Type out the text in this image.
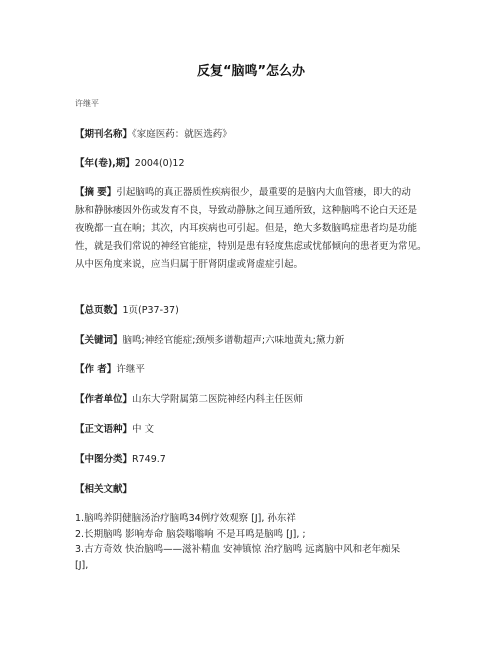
反复“脑鸣”怎么办
许继平
【期刊名称】《家庭医药：就医选药》
【年(卷),期】2004(0)12
【摘 要】引起脑鸣的真正器质性疾病很少，最重要的是脑内大血管瘘，即大的动
脉和静脉瘘因外伤或发育不良，导致动静脉之间互通所致，这种脑鸣不论白天还是
夜晚都一直在响；其次，内耳疾病也可引起。但是，绝大多数脑鸣症患者均是功能
性，就是我们常说的神经官能症，特别是患有轻度焦虑或忧郁倾向的患者更为常见。
从中医角度来说，应当归属于肝肾阴虚或肾虚症引起。
【总页数】1页(P37-37)
【关键词】脑鸣;神经官能症;颈颅多谱勒超声;六味地黄丸;黛力新
【作 者】许继平
【作者单位】山东大学附属第二医院神经内科主任医师
【正文语种】中 文
【中图分类】R749.7
【相关文献】

1.脑鸣养阴健脑汤治疗脑鸣34例疗效观察 [J], 孙东祥

2.长期脑鸣 影响寿命 脑袋嗡嗡响 不是耳鸣是脑鸣 [J], ;

3.古方奇效 快治脑鸣——滋补精血 安神镇惊 治疗脑鸣 远离脑中风和老年痴呆

[J],
